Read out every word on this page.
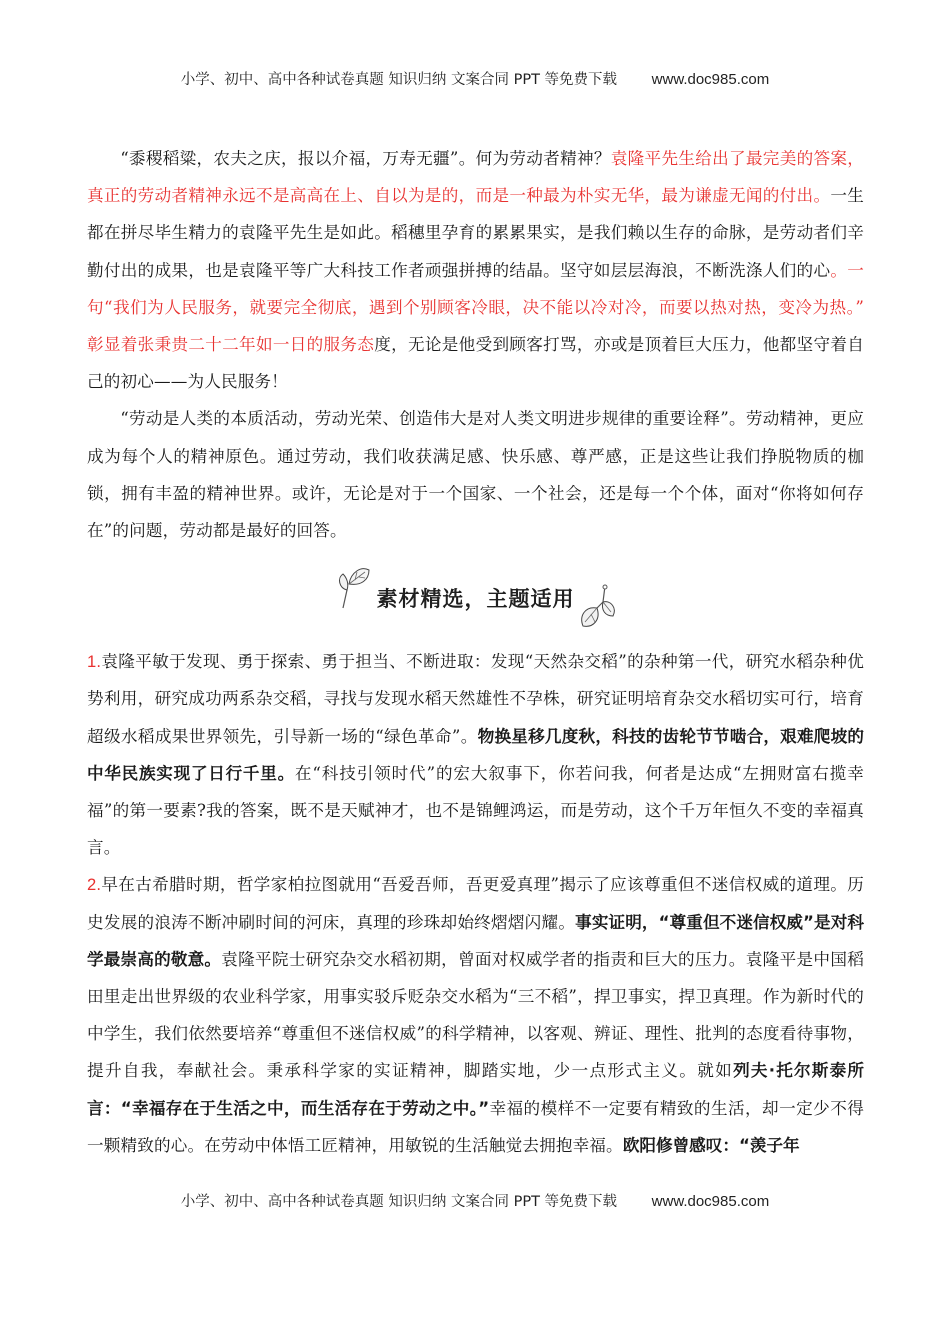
小学、初中、高中各种试卷真题 知识归纳 文案合同 PPT 等免费下载 www.doc985.com

“黍稷稻粱，农夫之庆，报以介福，万寿无疆”。何为劳动者精神？袁隆平先生给出了最完美的答案，真正的劳动者精神永远不是高高在上、自以为是的，而是一种最为朴实无华，最为谦虚无闻的付出。一生都在拼尽毕生精力的袁隆平先生是如此。稻穗里孕育的累累果实，是我们赖以生存的命脉，是劳动者们辛勤付出的成果，也是袁隆平等广大科技工作者顽强拼搏的结晶。坚守如层层海浪，不断洗涤人们的心。一句“我们为人民服务，就要完全彻底，遇到个别顾客冷眼，决不能以冷对冷，而要以热对热，变冷为热。” 彰显着张秉贵二十二年如一日的服务态度，无论是他受到顾客打骂，亦或是顶着巨大压力，他都坚守着自己的初心——为人民服务！

“劳动是人类的本质活动，劳动光荣、创造伟大是对人类文明进步规律的重要诠释”。劳动精神，更应成为每个人的精神原色。通过劳动，我们收获满足感、快乐感、尊严感，正是这些让我们挣脱物质的枷锁，拥有丰盈的精神世界。或许，无论是对于一个国家、一个社会，还是每一个个体，面对“你将如何存在”的问题，劳动都是最好的回答。

素材精选，主题适用

1.袁隆平敏于发现、勇于探索、勇于担当、不断进取：发现“天然杂交稻”的杂种第一代，研究水稻杂种优势利用，研究成功两系杂交稻，寻找与发现水稻天然雄性不孕株，研究证明培育杂交水稻切实可行，培育超级水稻成果世界领先，引导新一场的“绿色革命”。物换星移几度秋，科技的齿轮节节啮合，艰难爬坡的中华民族实现了日行千里。在“科技引领时代”的宏大叙事下，你若问我，何者是达成“左拥财富右揽幸福”的第一要素?我的答案，既不是天赋神才，也不是锦鲤鸿运，而是劳动，这个千万年恒久不变的幸福真言。

2.早在古希腊时期，哲学家柏拉图就用“吾爱吾师，吾更爱真理”揭示了应该尊重但不迷信权威的道理。历史发展的浪涛不断冲刷时间的河床，真理的珍珠却始终熠熠闪耀。事实证明，“尊重但不迷信权威”是对科学最崇高的敬意。袁隆平院士研究杂交水稻初期，曾面对权威学者的指责和巨大的压力。袁隆平是中国稻田里走出世界级的农业科学家，用事实驳斥贬杂交水稻为“三不稻”，捍卫事实，捍卫真理。作为新时代的中学生，我们依然要培养“尊重但不迷信权威”的科学精神，以客观、辨证、理性、批判的态度看待事物，提升自我，奉献社会。秉承科学家的实证精神，脚踏实地，少一点形式主义。就如列夫·托尔斯泰所言：“幸福存在于生活之中，而生活存在于劳动之中。”幸福的模样不一定要有精致的生活，却一定少不得一颗精致的心。在劳动中体悟工匠精神，用敏锐的生活触觉去拥抱幸福。欧阳修曾感叹：“羡子年

小学、初中、高中各种试卷真题 知识归纳 文案合同 PPT 等免费下载 www.doc985.com
